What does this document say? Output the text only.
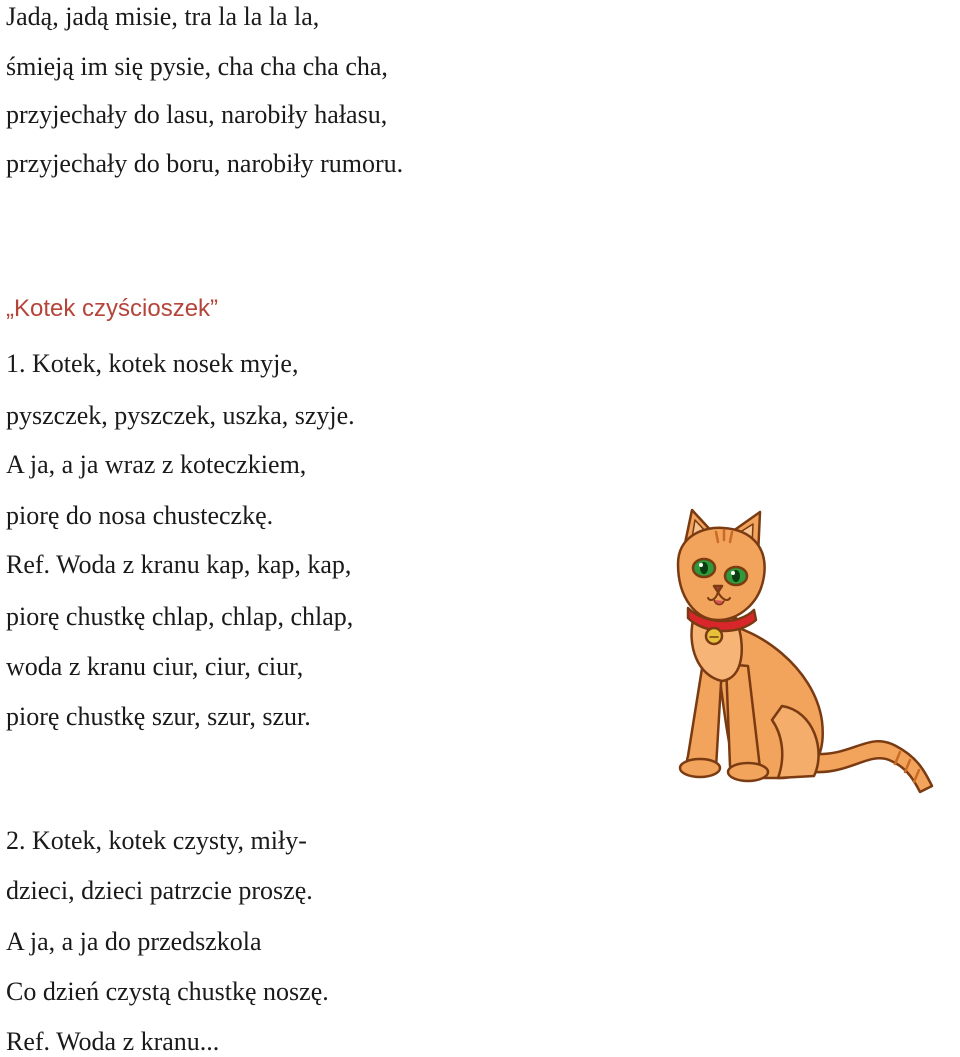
Jadą, jadą misie, tra la la la la,
śmieją im się pysie, cha cha cha cha,
przyjechały do lasu, narobiły hałasu,
przyjechały do boru, narobiły rumoru.
„Kotek czyścioszek”
1. Kotek, kotek nosek myje,
pyszczek, pyszczek, uszka, szyje.
A ja, a ja wraz z koteczkiem,
piorę do nosa chusteczkę.
Ref. Woda z kranu kap, kap, kap,
piorę chustkę chlap, chlap, chlap,
woda z kranu ciur, ciur, ciur,
piorę chustkę szur, szur, szur.
2. Kotek, kotek czysty, miły-
dzieci, dzieci patrzcie proszę.
A ja, a ja do przedszkola
Co dzień czystą chustkę noszę.
Ref. Woda z kranu...
